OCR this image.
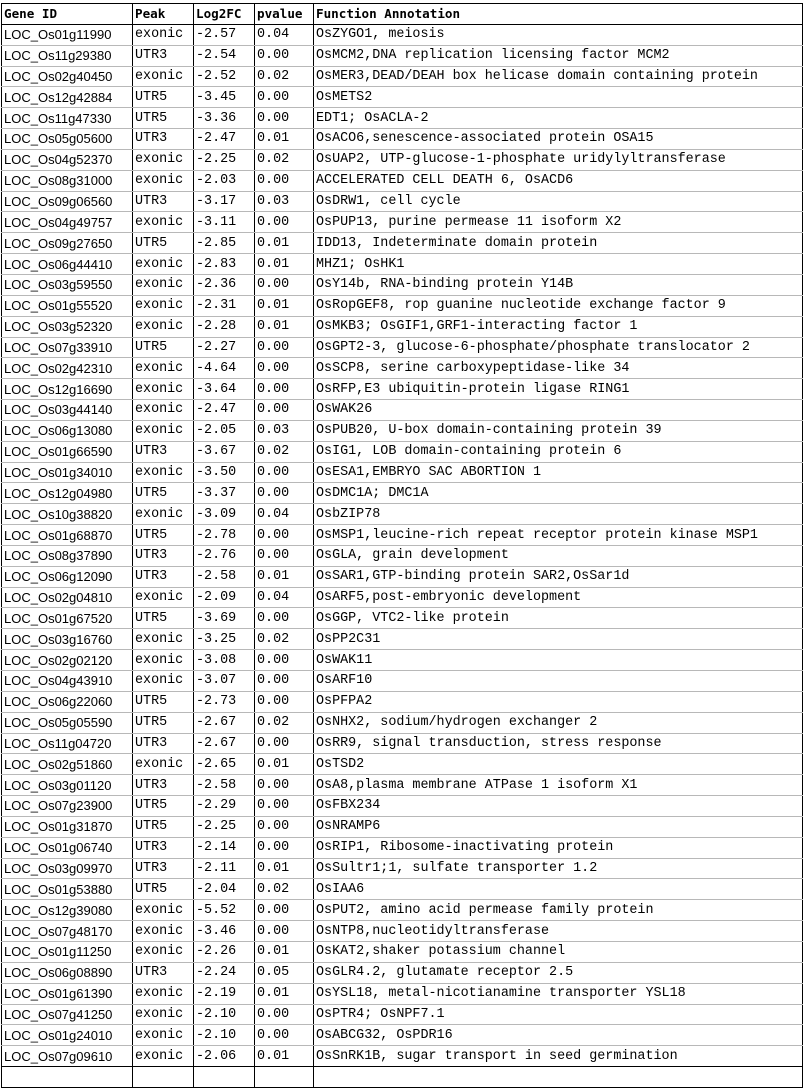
Gene ID	Peak	Log2FC	pvalue	Function Annotation
LOC_Os01g11990	exonic	-2.57	0.04	OsZYGO1, meiosis
LOC_Os11g29380	UTR3	-2.54	0.00	OsMCM2,DNA replication licensing factor MCM2
LOC_Os02g40450	exonic	-2.52	0.02	OsMER3,DEAD/DEAH box helicase domain containing protein
LOC_Os12g42884	UTR5	-3.45	0.00	OsMETS2
LOC_Os11g47330	UTR5	-3.36	0.00	EDT1; OsACLA-2
LOC_Os05g05600	UTR3	-2.47	0.01	OsACO6,senescence-associated protein OSA15
LOC_Os04g52370	exonic	-2.25	0.02	OsUAP2, UTP-glucose-1-phosphate uridylyltransferase
LOC_Os08g31000	exonic	-2.03	0.00	ACCELERATED CELL DEATH 6, OsACD6
LOC_Os09g06560	UTR3	-3.17	0.03	OsDRW1, cell cycle
LOC_Os04g49757	exonic	-3.11	0.00	OsPUP13, purine permease 11 isoform X2
LOC_Os09g27650	UTR5	-2.85	0.01	IDD13, Indeterminate domain protein
LOC_Os06g44410	exonic	-2.83	0.01	MHZ1; OsHK1
LOC_Os03g59550	exonic	-2.36	0.00	OsY14b, RNA-binding protein Y14B
LOC_Os01g55520	exonic	-2.31	0.01	OsRopGEF8, rop guanine nucleotide exchange factor 9
LOC_Os03g52320	exonic	-2.28	0.01	OsMKB3; OsGIF1,GRF1-interacting factor 1
LOC_Os07g33910	UTR5	-2.27	0.00	OsGPT2-3, glucose-6-phosphate/phosphate translocator 2
LOC_Os02g42310	exonic	-4.64	0.00	OsSCP8, serine carboxypeptidase-like 34
LOC_Os12g16690	exonic	-3.64	0.00	OsRFP,E3 ubiquitin-protein ligase RING1
LOC_Os03g44140	exonic	-2.47	0.00	OsWAK26
LOC_Os06g13080	exonic	-2.05	0.03	OsPUB20, U-box domain-containing protein 39
LOC_Os01g66590	UTR3	-3.67	0.02	OsIG1, LOB domain-containing protein 6
LOC_Os01g34010	exonic	-3.50	0.00	OsESA1,EMBRYO SAC ABORTION 1
LOC_Os12g04980	UTR5	-3.37	0.00	OsDMC1A; DMC1A
LOC_Os10g38820	exonic	-3.09	0.04	OsbZIP78
LOC_Os01g68870	UTR5	-2.78	0.00	OsMSP1,leucine-rich repeat receptor protein kinase MSP1
LOC_Os08g37890	UTR3	-2.76	0.00	OsGLA, grain development
LOC_Os06g12090	UTR3	-2.58	0.01	OsSAR1,GTP-binding protein SAR2,OsSar1d
LOC_Os02g04810	exonic	-2.09	0.04	OsARF5,post-embryonic development
LOC_Os01g67520	UTR5	-3.69	0.00	OsGGP, VTC2-like protein
LOC_Os03g16760	exonic	-3.25	0.02	OsPP2C31
LOC_Os02g02120	exonic	-3.08	0.00	OsWAK11
LOC_Os04g43910	exonic	-3.07	0.00	OsARF10
LOC_Os06g22060	UTR5	-2.73	0.00	OsPFPA2
LOC_Os05g05590	UTR5	-2.67	0.02	OsNHX2, sodium/hydrogen exchanger 2
LOC_Os11g04720	UTR3	-2.67	0.00	OsRR9, signal transduction, stress response
LOC_Os02g51860	exonic	-2.65	0.01	OsTSD2
LOC_Os03g01120	UTR3	-2.58	0.00	OsA8,plasma membrane ATPase 1 isoform X1
LOC_Os07g23900	UTR5	-2.29	0.00	OsFBX234
LOC_Os01g31870	UTR5	-2.25	0.00	OsNRAMP6
LOC_Os01g06740	UTR3	-2.14	0.00	OsRIP1, Ribosome-inactivating protein
LOC_Os03g09970	UTR3	-2.11	0.01	OsSultr1;1, sulfate transporter 1.2
LOC_Os01g53880	UTR5	-2.04	0.02	OsIAA6
LOC_Os12g39080	exonic	-5.52	0.00	OsPUT2, amino acid permease family protein
LOC_Os07g48170	exonic	-3.46	0.00	OsNTP8,nucleotidyltransferase
LOC_Os01g11250	exonic	-2.26	0.01	OsKAT2,shaker potassium channel
LOC_Os06g08890	UTR3	-2.24	0.05	OsGLR4.2, glutamate receptor 2.5
LOC_Os01g61390	exonic	-2.19	0.01	OsYSL18, metal-nicotianamine transporter YSL18
LOC_Os07g41250	exonic	-2.10	0.00	OsPTR4; OsNPF7.1
LOC_Os01g24010	exonic	-2.10	0.00	OsABCG32, OsPDR16
LOC_Os07g09610	exonic	-2.06	0.01	OsSnRK1B, sugar transport in seed germination
